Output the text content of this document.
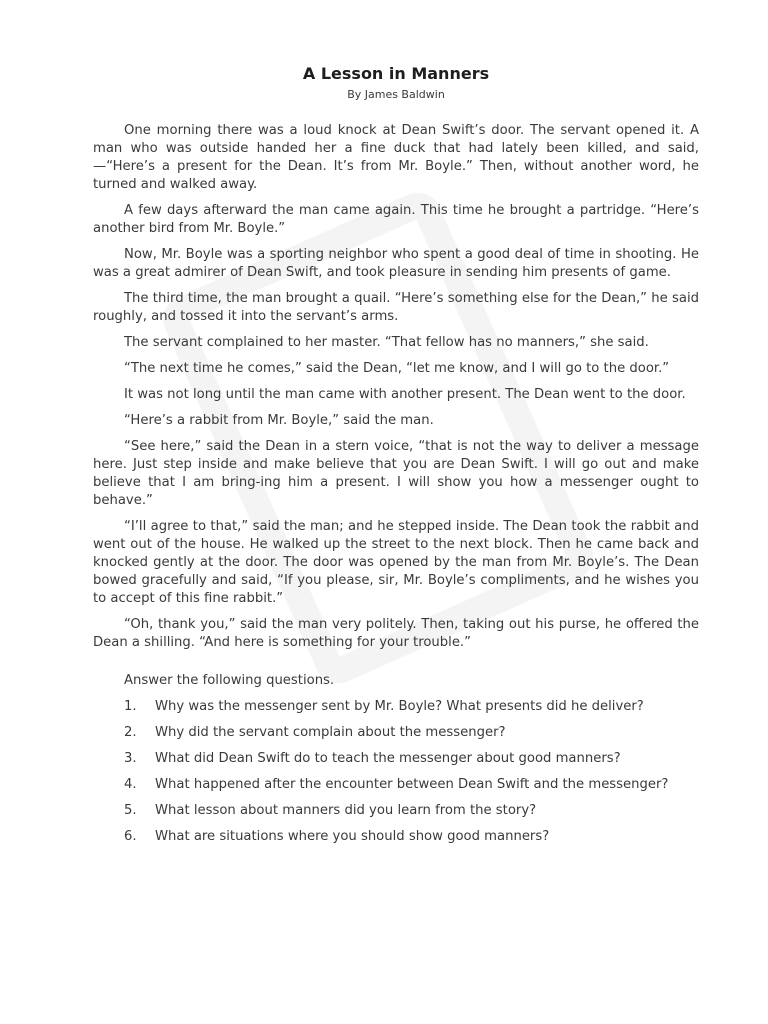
A Lesson in Manners
By James Baldwin

One morning there was a loud knock at Dean Swift’s door. The servant opened it. A man who was outside handed her a fine duck that had lately been killed, and said,—“Here’s a present for the Dean. It’s from Mr. Boyle.” Then, without another word, he turned and walked away.

A few days afterward the man came again. This time he brought a partridge. “Here’s another bird from Mr. Boyle.”

Now, Mr. Boyle was a sporting neighbor who spent a good deal of time in shooting. He was a great admirer of Dean Swift, and took pleasure in sending him presents of game.

The third time, the man brought a quail. “Here’s something else for the Dean,” he said roughly, and tossed it into the servant’s arms.

The servant complained to her master. “That fellow has no manners,” she said.

“The next time he comes,” said the Dean, “let me know, and I will go to the door.”

It was not long until the man came with another present. The Dean went to the door.

“Here’s a rabbit from Mr. Boyle,” said the man.

“See here,” said the Dean in a stern voice, “that is not the way to deliver a message here. Just step inside and make believe that you are Dean Swift. I will go out and make believe that I am bring-ing him a present. I will show you how a messenger ought to behave.”

“I’ll agree to that,” said the man; and he stepped inside. The Dean took the rabbit and went out of the house. He walked up the street to the next block. Then he came back and knocked gently at the door. The door was opened by the man from Mr. Boyle’s. The Dean bowed gracefully and said, “If you please, sir, Mr. Boyle’s compliments, and he wishes you to accept of this fine rabbit.”

“Oh, thank you,” said the man very politely. Then, taking out his purse, he offered the Dean a shilling. “And here is something for your trouble.”

Answer the following questions.
1.	Why was the messenger sent by Mr. Boyle? What presents did he deliver?
2.	Why did the servant complain about the messenger?
3.	What did Dean Swift do to teach the messenger about good manners?
4.	What happened after the encounter between Dean Swift and the messenger?
5.	What lesson about manners did you learn from the story?
6.	What are situations where you should show good manners?
